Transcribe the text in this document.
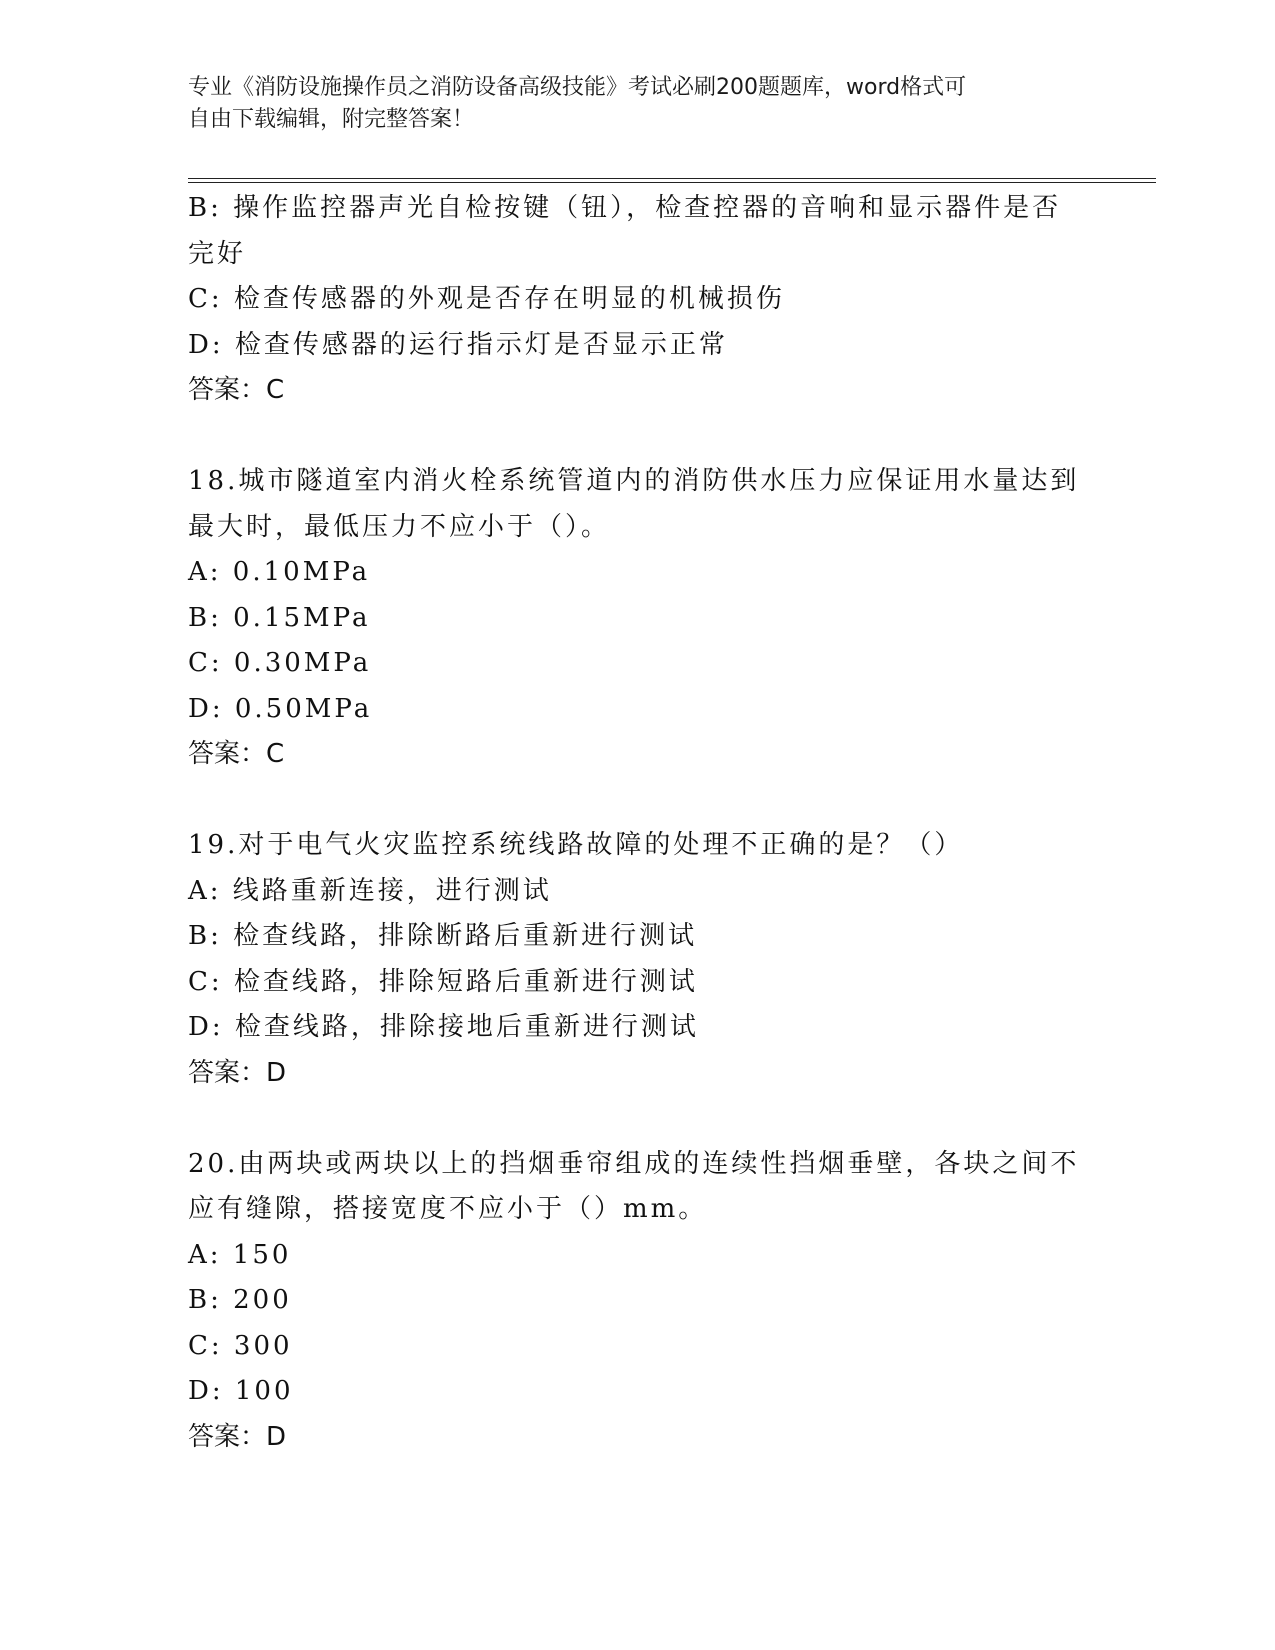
专业《消防设施操作员之消防设备高级技能》考试必刷200题题库，word格式可
自由下载编辑，附完整答案！

B: 操作监控器声光自检按键（钮），检查控器的音响和显示器件是否

完好

C: 检查传感器的外观是否存在明显的机械损伤

D: 检查传感器的运行指示灯是否显示正常

答案：C

18.城市隧道室内消火栓系统管道内的消防供水压力应保证用水量达到

最大时，最低压力不应小于（）。

A: 0.10MPa

B: 0.15MPa

C: 0.30MPa

D: 0.50MPa

答案：C

19.对于电气火灾监控系统线路故障的处理不正确的是？（）

A: 线路重新连接，进行测试

B: 检查线路，排除断路后重新进行测试

C: 检查线路，排除短路后重新进行测试

D: 检查线路，排除接地后重新进行测试

答案：D

20.由两块或两块以上的挡烟垂帘组成的连续性挡烟垂壁，各块之间不

应有缝隙，搭接宽度不应小于（）mm。

A: 150

B: 200

C: 300

D: 100

答案：D
